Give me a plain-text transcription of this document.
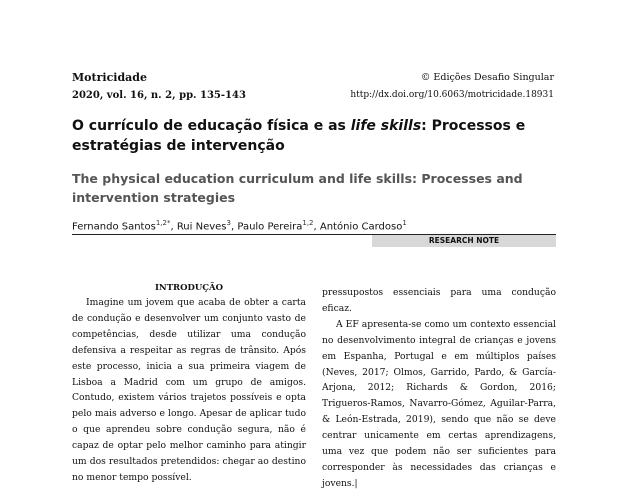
Motricidade
2020, vol. 16, n. 2, pp. 135-143
© Edições Desafio Singular
http://dx.doi.org/10.6063/motricidade.18931
O currículo de educação física e as life skills: Processos e estratégias de intervenção
The physical education curriculum and life skills: Processes and intervention strategies
Fernando Santos$^{1,2*}$, Rui Neves$^3$, Paulo Pereira$^{1,2}$, António Cardoso$^1$
RESEARCH NOTE
INTRODUÇÃO

Imagine um jovem que acaba de obter a carta de condução e desenvolver um conjunto vasto de competências, desde utilizar uma condução defensiva a respeitar as regras de trânsito. Após este processo, inicia a sua primeira viagem de Lisboa a Madrid com um grupo de amigos. Contudo, existem vários trajetos possíveis e opta pelo mais adverso e longo. Apesar de aplicar tudo o que aprendeu sobre condução segura, não é capaz de optar pelo melhor caminho para atingir um dos resultados pretendidos: chegar ao destino no menor tempo possível.

pressupostos essenciais para uma condução eficaz.

A EF apresenta-se como um contexto essencial no desenvolvimento integral de crianças e jovens em Espanha, Portugal e em múltiplos países (Neves, 2017; Olmos, Garrido, Pardo, & García-Arjona, 2012; Richards & Gordon, 2016; Trigueros-Ramos, Navarro-Gómez, Aguilar-Parra, & León-Estrada, 2019), sendo que não se deve centrar unicamente em certas aprendizagens, uma vez que podem não ser suficientes para corresponder às necessidades das crianças e jovens.|
